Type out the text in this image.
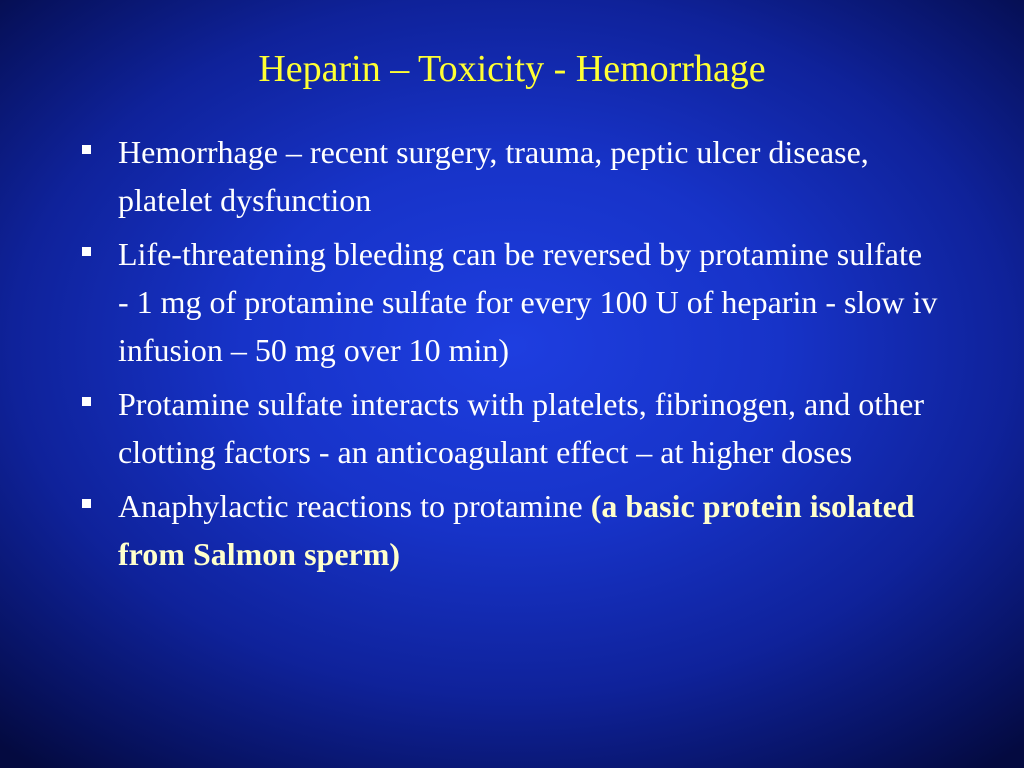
Heparin – Toxicity - Hemorrhage
Hemorrhage – recent surgery, trauma, peptic ulcer disease, platelet dysfunction
Life-threatening bleeding can be reversed by protamine sulfate - 1 mg of protamine sulfate for every 100 U of heparin - slow iv infusion – 50 mg over 10 min)
Protamine sulfate interacts with platelets, fibrinogen, and other clotting factors - an anticoagulant effect – at higher doses
Anaphylactic reactions to protamine (a basic protein isolated from Salmon sperm)
